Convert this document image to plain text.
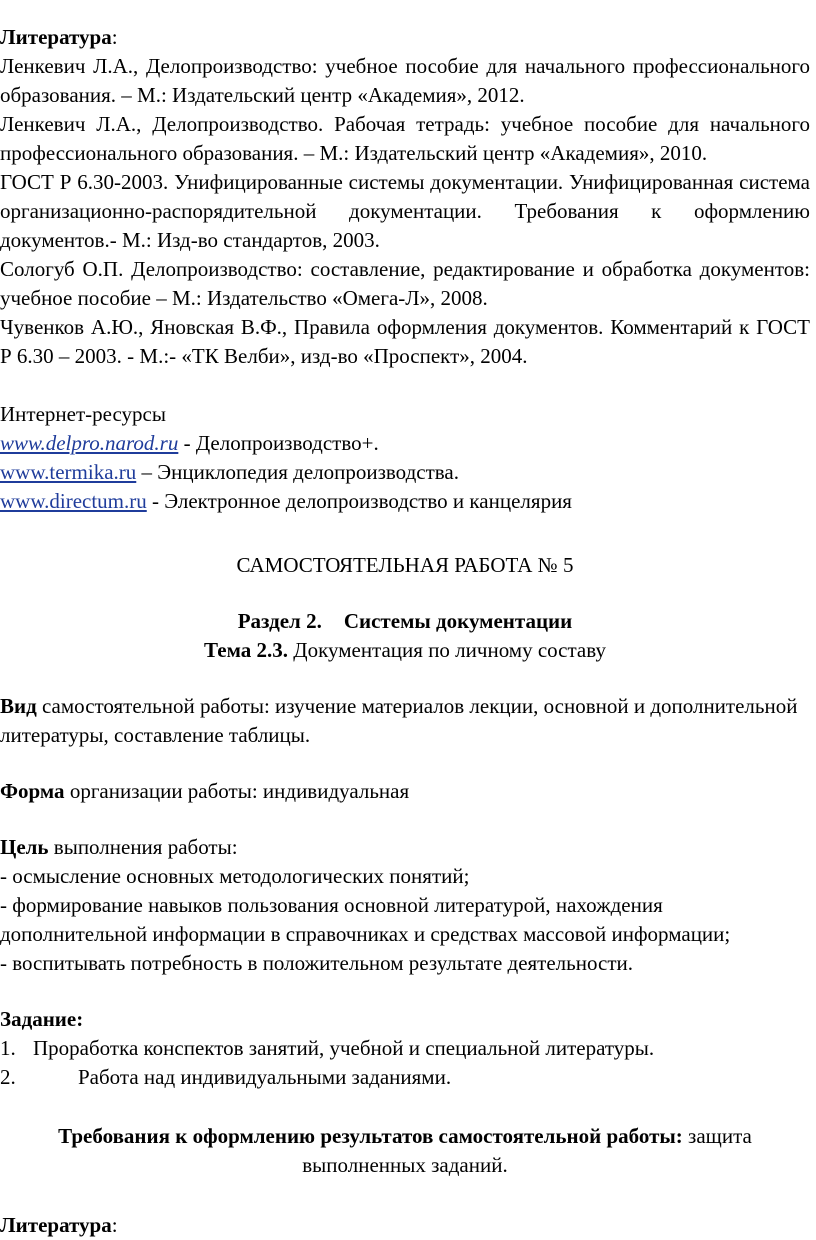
Литература:

Ленкевич Л.А., Делопроизводство: учебное пособие для начального профессионального образования. – М.: Издательский центр «Академия», 2012.

Ленкевич Л.А., Делопроизводство. Рабочая тетрадь: учебное пособие для начального профессионального образования. – М.: Издательский центр «Академия», 2010.

ГОСТ Р 6.30-2003. Унифицированные системы документации. Унифицированная система организационно-распорядительной документации. Требования к оформлению документов.- М.: Изд-во стандартов, 2003.

Сологуб О.П. Делопроизводство: составление, редактирование и обработка документов: учебное пособие – М.: Издательство «Омега-Л», 2008.

Чувенков А.Ю., Яновская В.Ф., Правила оформления документов. Комментарий к ГОСТ Р 6.30 – 2003. - М.:- «ТК Велби», изд-во «Проспект», 2004.

Интернет-ресурсы

www.delpro.narod.ru - Делопроизводство+.

www.termika.ru – Энциклопедия делопроизводства.

www.directum.ru - Электронное делопроизводство и канцелярия

САМОСТОЯТЕЛЬНАЯ РАБОТА № 5

Раздел 2. Системы документации

Тема 2.3. Документация по личному составу

Вид самостоятельной работы: изучение материалов лекции, основной и дополнительной литературы, составление таблицы.

Форма организации работы: индивидуальная

Цель выполнения работы:

- осмысление основных методологических понятий;

- формирование навыков пользования основной литературой, нахождения дополнительной информации в справочниках и средствах массовой информации;

- воспитывать потребность в положительном результате деятельности.

Задание:

1. Проработка конспектов занятий, учебной и специальной литературы.

2.	Работа над индивидуальными заданиями.

Требования к оформлению результатов самостоятельной работы: защита выполненных заданий.

Литература:
